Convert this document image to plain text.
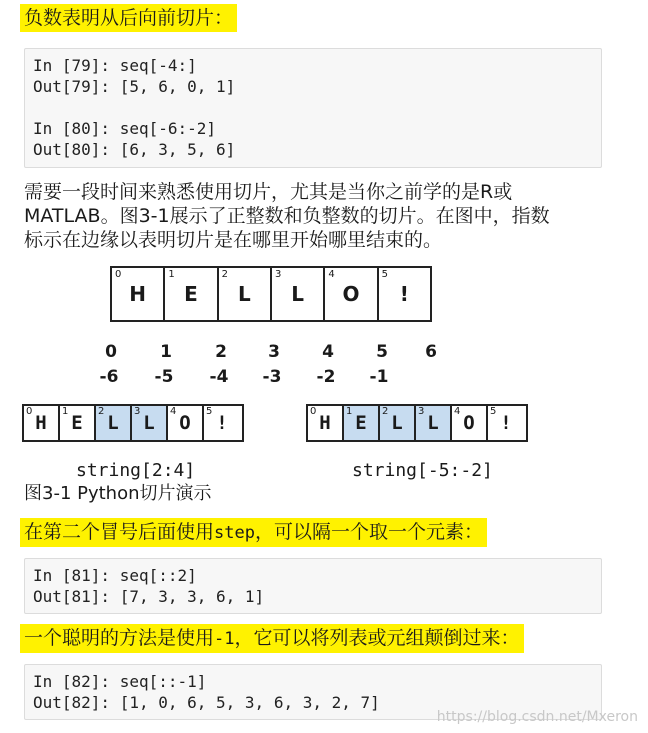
负数表明从后向前切片：
In [79]: seq[-4:]
Out[79]: [5, 6, 0, 1]
In [80]: seq[-6:-2]
Out[80]: [6, 3, 5, 6]
需要一段时间来熟悉使用切片，尤其是当你之前学的是R或
MATLAB。图3-1展示了正整数和负整数的切片。在图中，指数
标示在边缘以表明切片是在哪里开始哪里结束的。
0
H
1
E
2
L
3
L
4
O
5
!
0	1	2	3	4	5	6
-6	-5	-4	-3	-2	-1
0
H
1
E
2
L
3
L
4
O
5
!
0
H
1
E
2
L
3
L
4
O
5
!
string[2:4]	string[-5:-2]
图3-1 Python切片演示
在第二个冒号后面使用step，可以隔一个取一个元素：
In [81]: seq[::2]
Out[81]: [7, 3, 3, 6, 1]
一个聪明的方法是使用-1，它可以将列表或元组颠倒过来：
In [82]: seq[::-1]
Out[82]: [1, 0, 6, 5, 3, 6, 3, 2, 7]
https://blog.csdn.net/Mxeron
